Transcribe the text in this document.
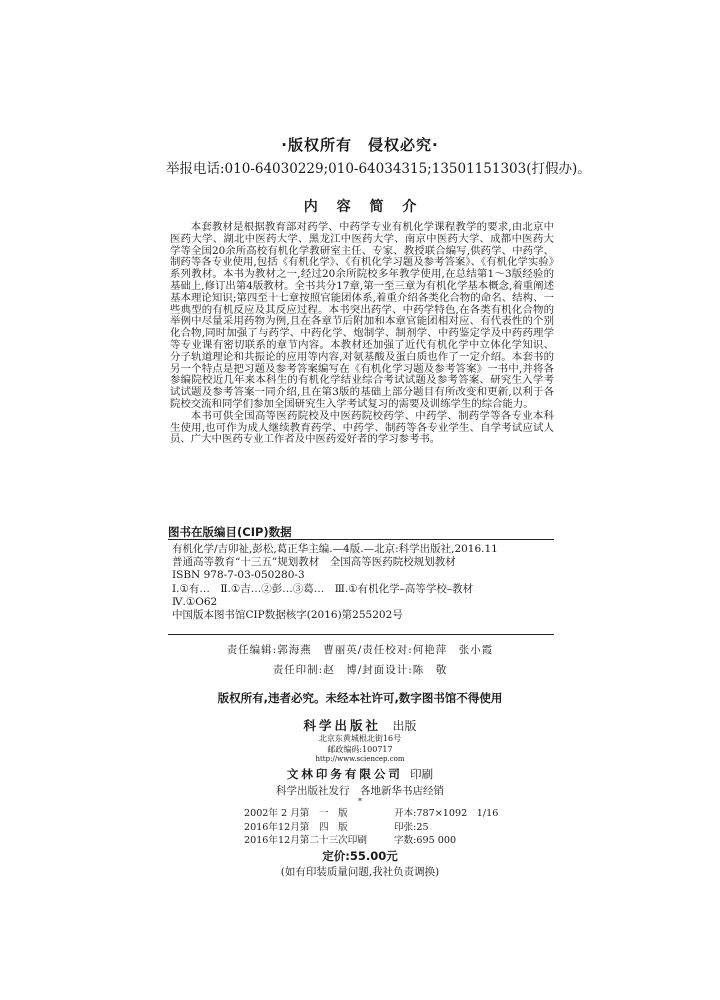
·版权所有　侵权必究·
举报电话:010-64030229;010-64034315;13501151303(打假办)。
内  容  简  介

本套教材是根据教育部对药学、中药学专业有机化学课程教学的要求,由北京中医药大学、湖北中医药大学、黑龙江中医药大学、南京中医药大学、成都中医药大学等全国20余所高校有机化学教研室主任、专家、教授联合编写,供药学、中药学、制药等各专业使用,包括《有机化学》、《有机化学习题及参考答案》、《有机化学实验》系列教材。本书为教材之一,经过20余所院校多年教学使用,在总结第1～3版经验的基础上,修订出第4版教材。全书共分17章,第一至三章为有机化学基本概念,着重阐述基本理论知识;第四至十七章按照官能团体系,着重介绍各类化合物的命名、结构、一些典型的有机反应及其反应过程。本书突出药学、中药学特色,在各类有机化合物的举例中尽量采用药物为例,且在各章节后附加和本章官能团相对应、有代表性的个别化合物,同时加强了与药学、中药化学、炮制学、制剂学、中药鉴定学及中药药理学等专业课有密切联系的章节内容。本教材还加强了近代有机化学中立体化学知识、分子轨道理论和共振论的应用等内容,对氨基酸及蛋白质也作了一定介绍。本套书的另一个特点是把习题及参考答案编写在《有机化学习题及参考答案》一书中,并将各参编院校近几年来本科生的有机化学结业综合考试试题及参考答案、研究生入学考试试题及参考答案一同介绍,且在第3版的基础上部分题目有所改变和更新,以利于各院校交流和同学们参加全国研究生入学考试复习的需要及训练学生的综合能力。

本书可供全国高等医药院校及中医药院校药学、中药学、制药学等各专业本科生使用,也可作为成人继续教育药学、中药学、制药等各专业学生、自学考试应试人员、广大中医药专业工作者及中医药爱好者的学习参考书。

图书在版编目(CIP)数据
有机化学/吉卯祉,彭松,葛正华主编.—4版.—北京:科学出版社,2016.11
普通高等教育“十三五”规划教材　全国高等医药院校规划教材
ISBN 978-7-03-050280-3
Ⅰ.①有…　Ⅱ.①吉…②彭…③葛…　Ⅲ.①有机化学–高等学校–教材
Ⅳ.①O62
中国版本图书馆CIP数据核字(2016)第255202号
责任编辑:郭海燕　曹丽英/责任校对:何艳萍　张小霞
责任印制:赵　博/封面设计:陈　敬
版权所有,违者必究。未经本社许可,数字图书馆不得使用
科学出版社 出版
北京东黄城根北街16号
邮政编码:100717
http://www.sciencep.com
文林印务有限公司 印刷
科学出版社发行　各地新华书店经销
*
2002年 2 月第　一　版	开本:787×1092　1/16
2016年12月第　四　版	印张:25
2016年12月第二十三次印刷	字数:695 000
定价:55.00元
(如有印装质量问题,我社负责调换)
